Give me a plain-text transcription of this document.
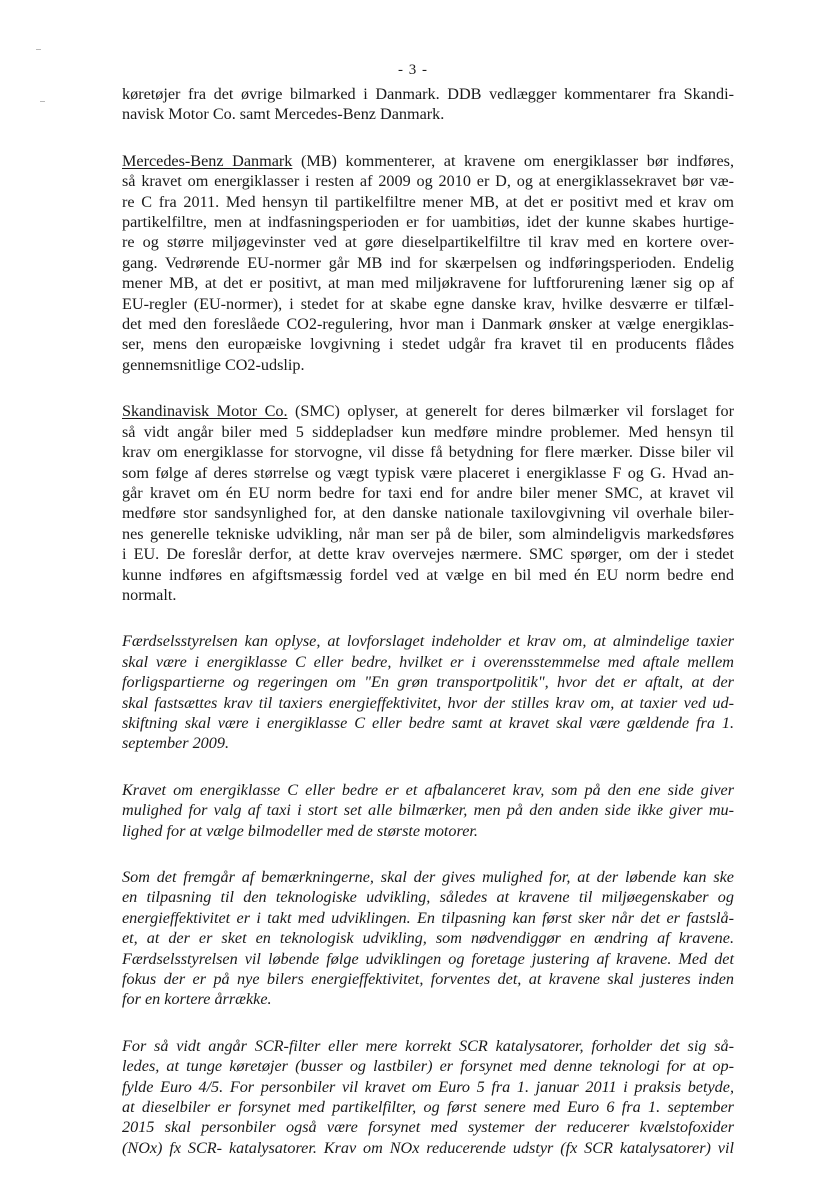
- 3 -

køretøjer fra det øvrige bilmarked i Danmark. DDB vedlægger kommentarer fra Skandi-
navisk Motor Co. samt Mercedes-Benz Danmark.

Mercedes-Benz Danmark (MB) kommenterer, at kravene om energiklasser bør indføres,
så kravet om energiklasser i resten af 2009 og 2010 er D, og at energiklassekravet bør væ-
re C fra 2011. Med hensyn til partikelfiltre mener MB, at det er positivt med et krav om
partikelfiltre, men at indfasningsperioden er for uambitiøs, idet der kunne skabes hurtige-
re og større miljøgevinster ved at gøre dieselpartikelfiltre til krav med en kortere over-
gang. Vedrørende EU-normer går MB ind for skærpelsen og indføringsperioden. Endelig
mener MB, at det er positivt, at man med miljøkravene for luftforurening læner sig op af
EU-regler (EU-normer), i stedet for at skabe egne danske krav, hvilke desværre er tilfæl-
det med den foreslåede CO2-regulering, hvor man i Danmark ønsker at vælge energiklas-
ser, mens den europæiske lovgivning i stedet udgår fra kravet til en producents flådes
gennemsnitlige CO2-udslip.

Skandinavisk Motor Co. (SMC) oplyser, at generelt for deres bilmærker vil forslaget for
så vidt angår biler med 5 siddepladser kun medføre mindre problemer. Med hensyn til
krav om energiklasse for storvogne, vil disse få betydning for flere mærker. Disse biler vil
som følge af deres størrelse og vægt typisk være placeret i energiklasse F og G. Hvad an-
går kravet om én EU norm bedre for taxi end for andre biler mener SMC, at kravet vil
medføre stor sandsynlighed for, at den danske nationale taxilovgivning vil overhale biler-
nes generelle tekniske udvikling, når man ser på de biler, som almindeligvis markedsføres
i EU. De foreslår derfor, at dette krav overvejes nærmere. SMC spørger, om der i stedet
kunne indføres en afgiftsmæssig fordel ved at vælge en bil med én EU norm bedre end
normalt.

Færdselsstyrelsen kan oplyse, at lovforslaget indeholder et krav om, at almindelige taxier
skal være i energiklasse C eller bedre, hvilket er i overensstemmelse med aftale mellem
forligspartierne og regeringen om "En grøn transportpolitik", hvor det er aftalt, at der
skal fastsættes krav til taxiers energieffektivitet, hvor der stilles krav om, at taxier ved ud-
skiftning skal være i energiklasse C eller bedre samt at kravet skal være gældende fra 1.
september 2009.

Kravet om energiklasse C eller bedre er et afbalanceret krav, som på den ene side giver
mulighed for valg af taxi i stort set alle bilmærker, men på den anden side ikke giver mu-
lighed for at vælge bilmodeller med de største motorer.

Som det fremgår af bemærkningerne, skal der gives mulighed for, at der løbende kan ske
en tilpasning til den teknologiske udvikling, således at kravene til miljøegenskaber og
energieffektivitet er i takt med udviklingen. En tilpasning kan først sker når det er fastslå-
et, at der er sket en teknologisk udvikling, som nødvendiggør en ændring af kravene.
Færdselsstyrelsen vil løbende følge udviklingen og foretage justering af kravene. Med det
fokus der er på nye bilers energieffektivitet, forventes det, at kravene skal justeres inden
for en kortere årrække.

For så vidt angår SCR-filter eller mere korrekt SCR katalysatorer, forholder det sig så-
ledes, at tunge køretøjer (busser og lastbiler) er forsynet med denne teknologi for at op-
fylde Euro 4/5. For personbiler vil kravet om Euro 5 fra 1. januar 2011 i praksis betyde,
at dieselbiler er forsynet med partikelfilter, og først senere med Euro 6 fra 1. september
2015 skal personbiler også være forsynet med systemer der reducerer kvælstofoxider
(NOx) fx SCR- katalysatorer. Krav om NOx reducerende udstyr (fx SCR katalysatorer) vil
